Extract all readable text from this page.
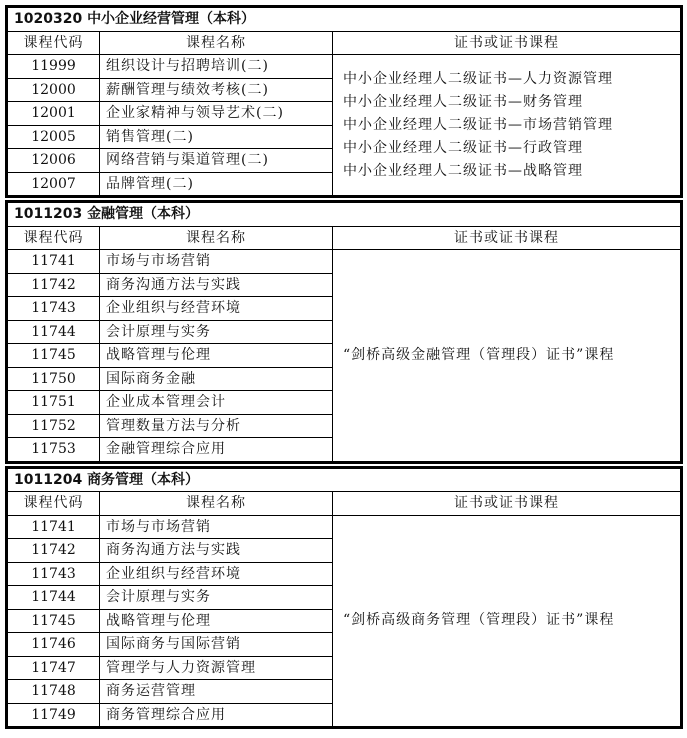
1020320 中小企业经营管理（本科）		
课程代码	课程名称	证书或证书课程
11999	组织设计与招聘培训(二)	中小企业经理人二级证书—人力资源管理
中小企业经理人二级证书—财务管理
中小企业经理人二级证书—市场营销管理
中小企业经理人二级证书—行政管理
中小企业经理人二级证书—战略管理

12000	薪酬管理与绩效考核(二)	
12001	企业家精神与领导艺术(二)	
12005	销售管理(二)	
12006	网络营销与渠道管理(二)	
12007	品牌管理(二)	
1011203 金融管理（本科）		
课程代码	课程名称	证书或证书课程
11741	市场与市场营销	“剑桥高级金融管理（管理段）证书”课程

11742	商务沟通方法与实践	
11743	企业组织与经营环境	
11744	会计原理与实务	
11745	战略管理与伦理	
11750	国际商务金融	
11751	企业成本管理会计	
11752	管理数量方法与分析	
11753	金融管理综合应用	
1011204 商务管理（本科）		
课程代码	课程名称	证书或证书课程
11741	市场与市场营销	“剑桥高级商务管理（管理段）证书”课程

11742	商务沟通方法与实践	
11743	企业组织与经营环境	
11744	会计原理与实务	
11745	战略管理与伦理	
11746	国际商务与国际营销	
11747	管理学与人力资源管理	
11748	商务运营管理	
11749	商务管理综合应用	
